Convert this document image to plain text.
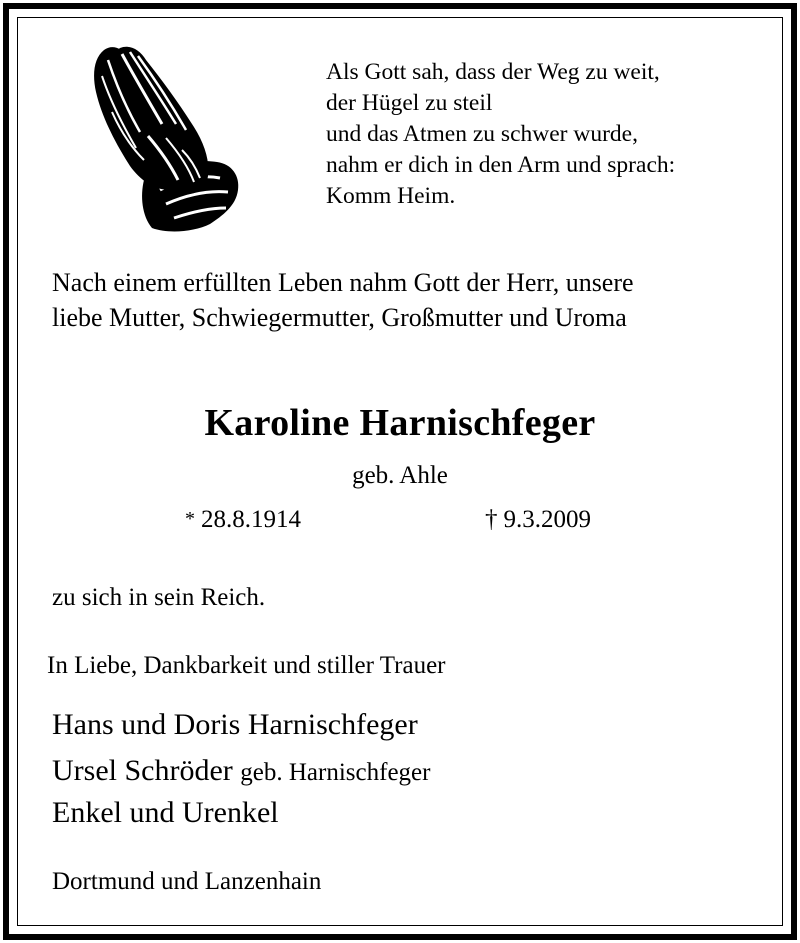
Als Gott sah, dass der Weg zu weit,
der Hügel zu steil
und das Atmen zu schwer wurde,
nahm er dich in den Arm und sprach:
Komm Heim.
Nach einem erfüllten Leben nahm Gott der Herr, unsere
liebe Mutter, Schwiegermutter, Großmutter und Uroma
Karoline Harnischfeger
geb. Ahle
* 28.8.1914	† 9.3.2009
zu sich in sein Reich.
In Liebe, Dankbarkeit und stiller Trauer
Hans und Doris Harnischfeger
Ursel Schröder geb. Harnischfeger
Enkel und Urenkel
Dortmund und Lanzenhain
